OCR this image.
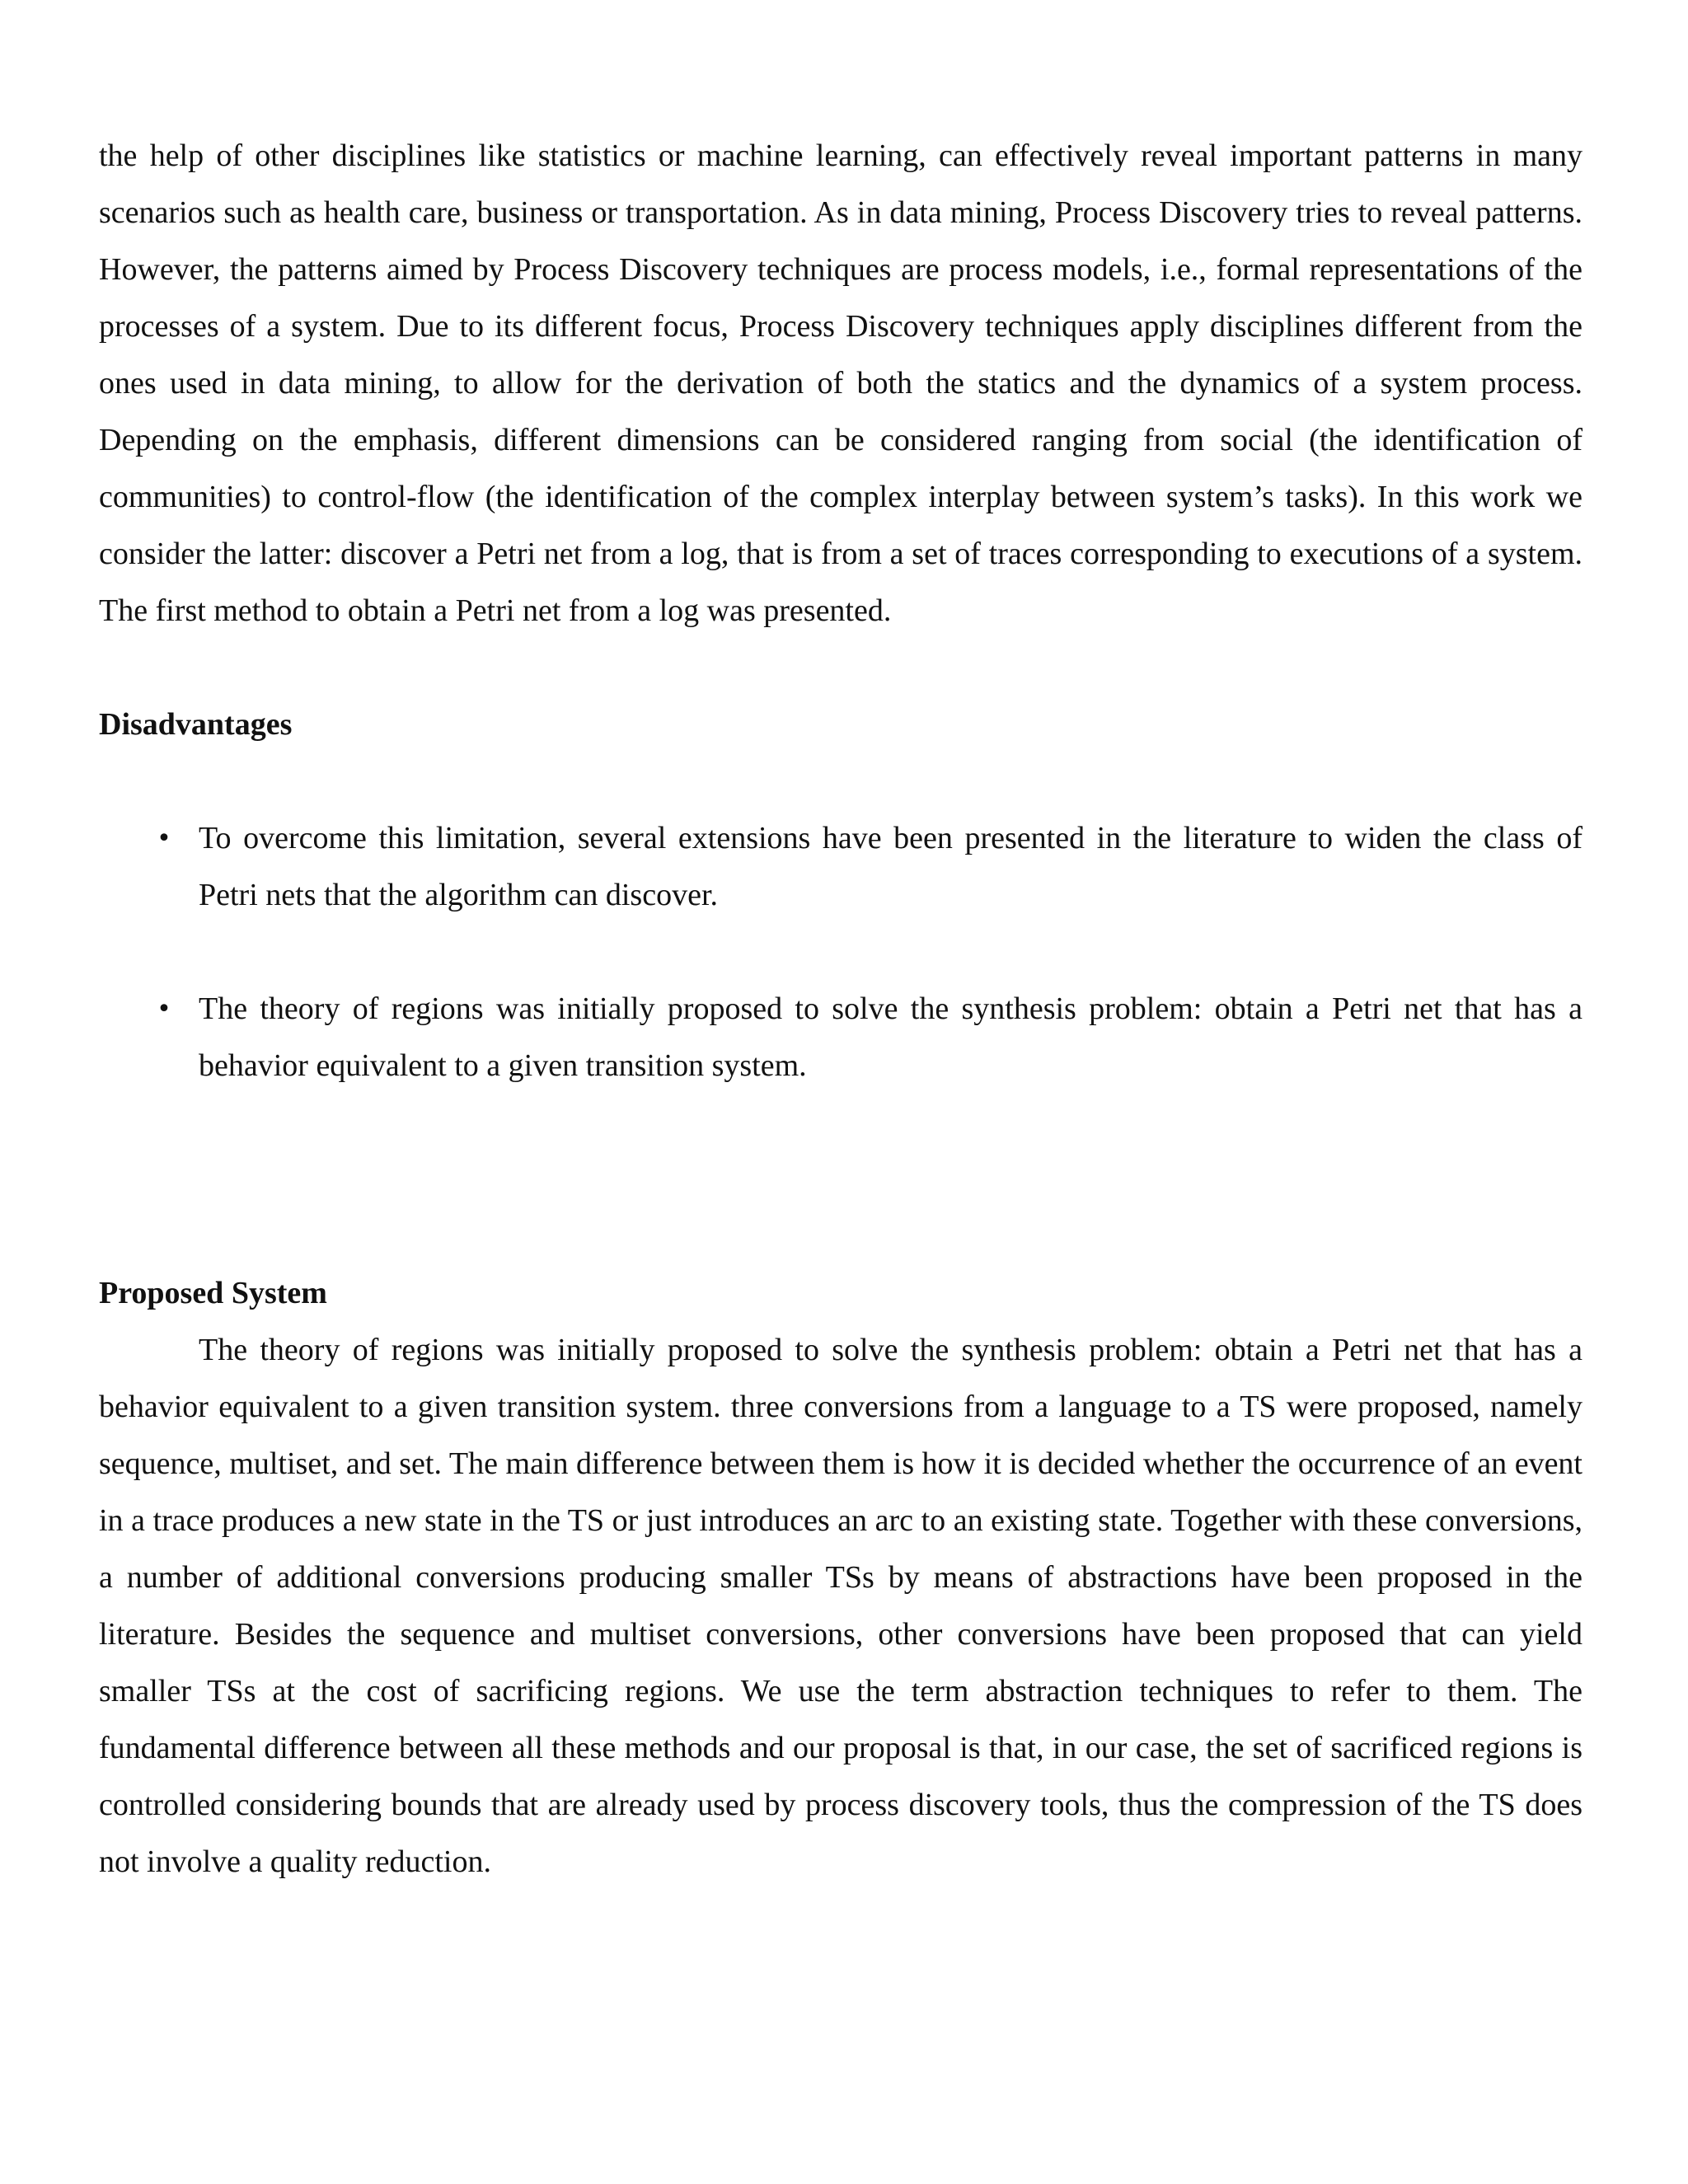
the help of other disciplines like statistics or machine learning, can effectively reveal important patterns in many scenarios such as health care, business or transportation. As in data mining, Process Discovery tries to reveal patterns. However, the patterns aimed by Process Discovery techniques are process models, i.e., formal representations of the processes of a system. Due to its different focus, Process Discovery techniques apply disciplines different from the ones used in data mining, to allow for the derivation of both the statics and the dynamics of a system process. Depending on the emphasis, different dimensions can be considered ranging from social (the identification of communities) to control-flow (the identification of the complex interplay between system’s tasks). In this work we consider the latter: discover a Petri net from a log, that is from a set of traces corresponding to executions of a system. The first method to obtain a Petri net from a log was presented.

Disadvantages
• To overcome this limitation, several extensions have been presented in the literature to widen the class of Petri nets that the algorithm can discover.
• The theory of regions was initially proposed to solve the synthesis problem: obtain a Petri net that has a behavior equivalent to a given transition system.
Proposed System

The theory of regions was initially proposed to solve the synthesis problem: obtain a Petri net that has a behavior equivalent to a given transition system. three conversions from a language to a TS were proposed, namely sequence, multiset, and set. The main difference between them is how it is decided whether the occurrence of an event in a trace produces a new state in the TS or just introduces an arc to an existing state. Together with these conversions, a number of additional conversions producing smaller TSs by means of abstractions have been proposed in the literature. Besides the sequence and multiset conversions, other conversions have been proposed that can yield smaller TSs at the cost of sacrificing regions. We use the term abstraction techniques to refer to them. The fundamental difference between all these methods and our proposal is that, in our case, the set of sacrificed regions is controlled considering bounds that are already used by process discovery tools, thus the compression of the TS does not involve a quality reduction.
